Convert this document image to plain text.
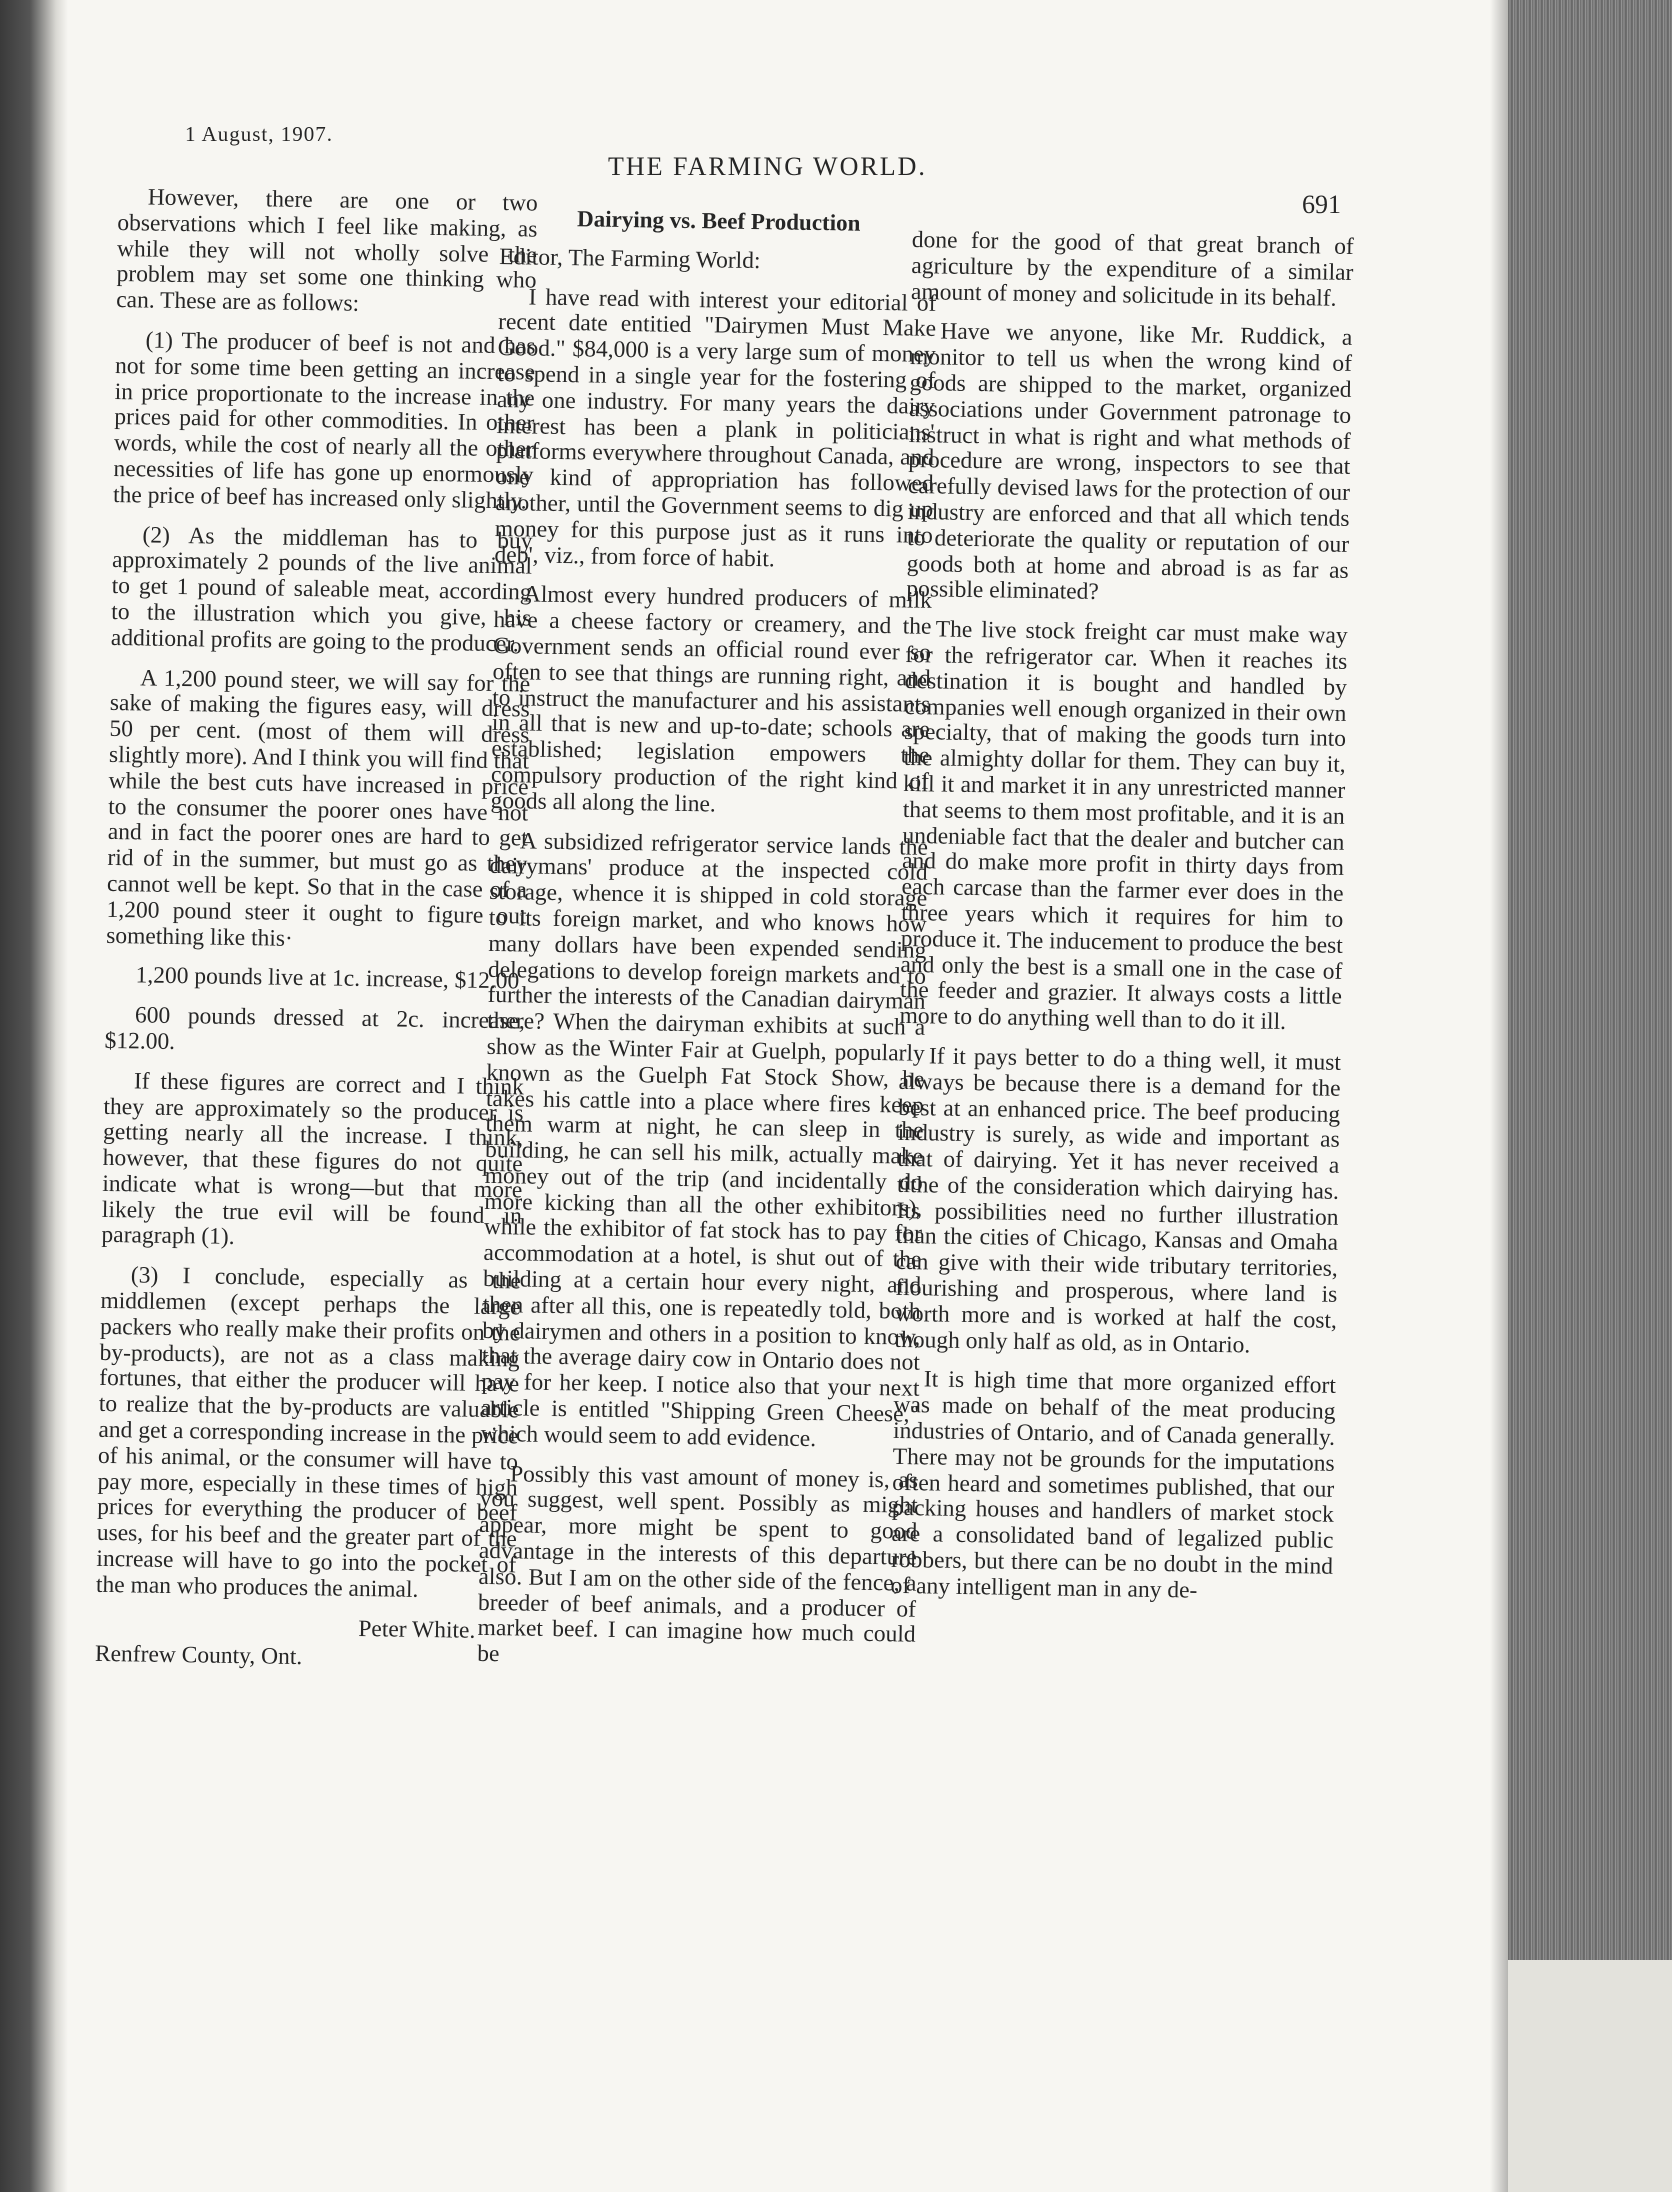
1 August, 1907.
THE FARMING WORLD.
691

However, there are one or two observations which I feel like making, as while they will not wholly solve the problem may set some one thinking who can. These are as follows:

(1) The producer of beef is not and has not for some time been getting an increase in price proportionate to the increase in the prices paid for other commodities. In other words, while the cost of nearly all the other necessities of life has gone up enormously the price of beef has increased only slightly.

(2) As the middleman has to buy approximately 2 pounds of the live animal to get 1 pound of saleable meat, according to the illustration which you give, his additional profits are going to the producer.

A 1,200 pound steer, we will say for the sake of making the figures easy, will dress 50 per cent. (most of them will dress slightly more). And I think you will find that while the best cuts have increased in price to the consumer the poorer ones have not and in fact the poorer ones are hard to get rid of in the summer, but must go as they cannot well be kept. So that in the case of a 1,200 pound steer it ought to figure out something like this·

1,200 pounds live at 1c. increase, $12.00

600 pounds dressed at 2c. increase, $12.00.

If these figures are correct and I think they are approximately so the producer is getting nearly all the increase. I think, however, that these figures do not quite indicate what is wrong—but that more likely the true evil will be found in paragraph (1).

(3) I conclude, especially as the middlemen (except perhaps the large packers who really make their profits on the by-products), are not as a class making fortunes, that either the producer will have to realize that the by-products are valuable and get a corresponding increase in the price of his animal, or the consumer will have to pay more, especially in these times of high prices for everything the producer of beef uses, for his beef and the greater part of the increase will have to go into the pocket of the man who produces the animal.

Peter White.

Renfrew County, Ont.

Dairying vs. Beef Production

Editor, The Farming World:

I have read with interest your editorial of recent date entitied "Dairymen Must Make Good." $84,000 is a very large sum of money to spend in a single year for the fostering of any one industry. For many years the dairy interest has been a plank in politicians' platforms everywhere throughout Canada, and one kind of appropriation has followed another, until the Government seems to dig up money for this purpose just as it runs into deb', viz., from force of habit.

Almost every hundred producers of milk have a cheese factory or creamery, and the Government sends an official round ever so often to see that things are running right, and to instruct the manufacturer and his assistants in all that is new and up-to-date; schools are established; legislation empowers the compulsory production of the right kind of goods all along the line.

A subsidized refrigerator service lands the dairymans' produce at the inspected cold storage, whence it is shipped in cold storage to its foreign market, and who knows how many dollars have been expended sending delegations to develop foreign markets and to further the interests of the Canadian dairyman there? When the dairyman exhibits at such a show as the Winter Fair at Guelph, popularly known as the Guelph Fat Stock Show, he takes his cattle into a place where fires keep them warm at night, he can sleep in the building, he can sell his milk, actually make money out of the trip (and incidentally do more kicking than all the other exhibitors), while the exhibitor of fat stock has to pay for accommodation at a hotel, is shut out of the building at a certain hour every night, and then after all this, one is repeatedly told, both by dairymen and others in a position to know, that the average dairy cow in Ontario does not pay for her keep. I notice also that your next article is entitled "Shipping Green Cheese," which would seem to add evidence.

Possibly this vast amount of money is, as you suggest, well spent. Possibly as might appear, more might be spent to good advantage in the interests of this departure also. But I am on the other side of the fence, a breeder of beef animals, and a producer of market beef. I can imagine how much could be

done for the good of that great branch of agriculture by the expenditure of a similar amount of money and solicitude in its behalf.

Have we anyone, like Mr. Ruddick, a monitor to tell us when the wrong kind of goods are shipped to the market, organized associations under Government patronage to instruct in what is right and what methods of procedure are wrong, inspectors to see that carefully devised laws for the protection of our industry are enforced and that all which tends to deteriorate the quality or reputation of our goods both at home and abroad is as far as possible eliminated?

The live stock freight car must make way for the refrigerator car. When it reaches its destination it is bought and handled by companies well enough organized in their own specialty, that of making the goods turn into the almighty dollar for them. They can buy it, kill it and market it in any unrestricted manner that seems to them most profitable, and it is an undeniable fact that the dealer and butcher can and do make more profit in thirty days from each carcase than the farmer ever does in the three years which it requires for him to produce it. The inducement to produce the best and only the best is a small one in the case of the feeder and grazier. It always costs a little more to do anything well than to do it ill.

If it pays better to do a thing well, it must always be because there is a demand for the best at an enhanced price. The beef producing industry is surely, as wide and important as that of dairying. Yet it has never received a tithe of the consideration which dairying has. Its possibilities need no further illustration than the cities of Chicago, Kansas and Omaha can give with their wide tributary territories, flourishing and prosperous, where land is worth more and is worked at half the cost, though only half as old, as in Ontario.

It is high time that more organized effort was made on behalf of the meat producing industries of Ontario, and of Canada generally. There may not be grounds for the imputations often heard and sometimes published, that our packing houses and handlers of market stock are a consolidated band of legalized public robbers, but there can be no doubt in the mind of any intelligent man in any de-
